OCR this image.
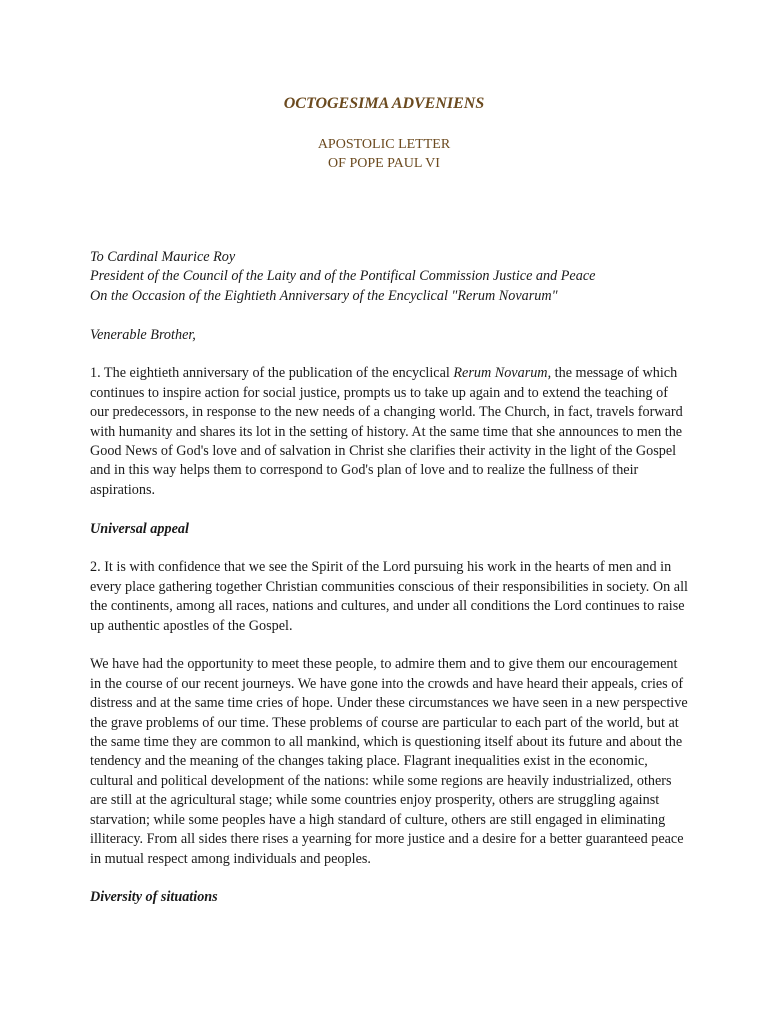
OCTOGESIMA ADVENIENS
APOSTOLIC LETTER
OF POPE PAUL VI
To Cardinal Maurice Roy
President of the Council of the Laity and of the Pontifical Commission Justice and Peace
On the Occasion of the Eightieth Anniversary of the Encyclical "Rerum Novarum"

Venerable Brother,

1. The eightieth anniversary of the publication of the encyclical Rerum Novarum, the message of which continues to inspire action for social justice, prompts us to take up again and to extend the teaching of our predecessors, in response to the new needs of a changing world. The Church, in fact, travels forward with humanity and shares its lot in the setting of history. At the same time that she announces to men the Good News of God's love and of salvation in Christ she clarifies their activity in the light of the Gospel and in this way helps them to correspond to God's plan of love and to realize the fullness of their aspirations.

Universal appeal

2. It is with confidence that we see the Spirit of the Lord pursuing his work in the hearts of men and in every place gathering together Christian communities conscious of their responsibilities in society. On all the continents, among all races, nations and cultures, and under all conditions the Lord continues to raise up authentic apostles of the Gospel.

We have had the opportunity to meet these people, to admire them and to give them our encouragement in the course of our recent journeys. We have gone into the crowds and have heard their appeals, cries of distress and at the same time cries of hope. Under these circumstances we have seen in a new perspective the grave problems of our time. These problems of course are particular to each part of the world, but at the same time they are common to all mankind, which is questioning itself about its future and about the tendency and the meaning of the changes taking place. Flagrant inequalities exist in the economic, cultural and political development of the nations: while some regions are heavily industrialized, others are still at the agricultural stage; while some countries enjoy prosperity, others are struggling against starvation; while some peoples have a high standard of culture, others are still engaged in eliminating illiteracy. From all sides there rises a yearning for more justice and a desire for a better guaranteed peace in mutual respect among individuals and peoples.

Diversity of situations
